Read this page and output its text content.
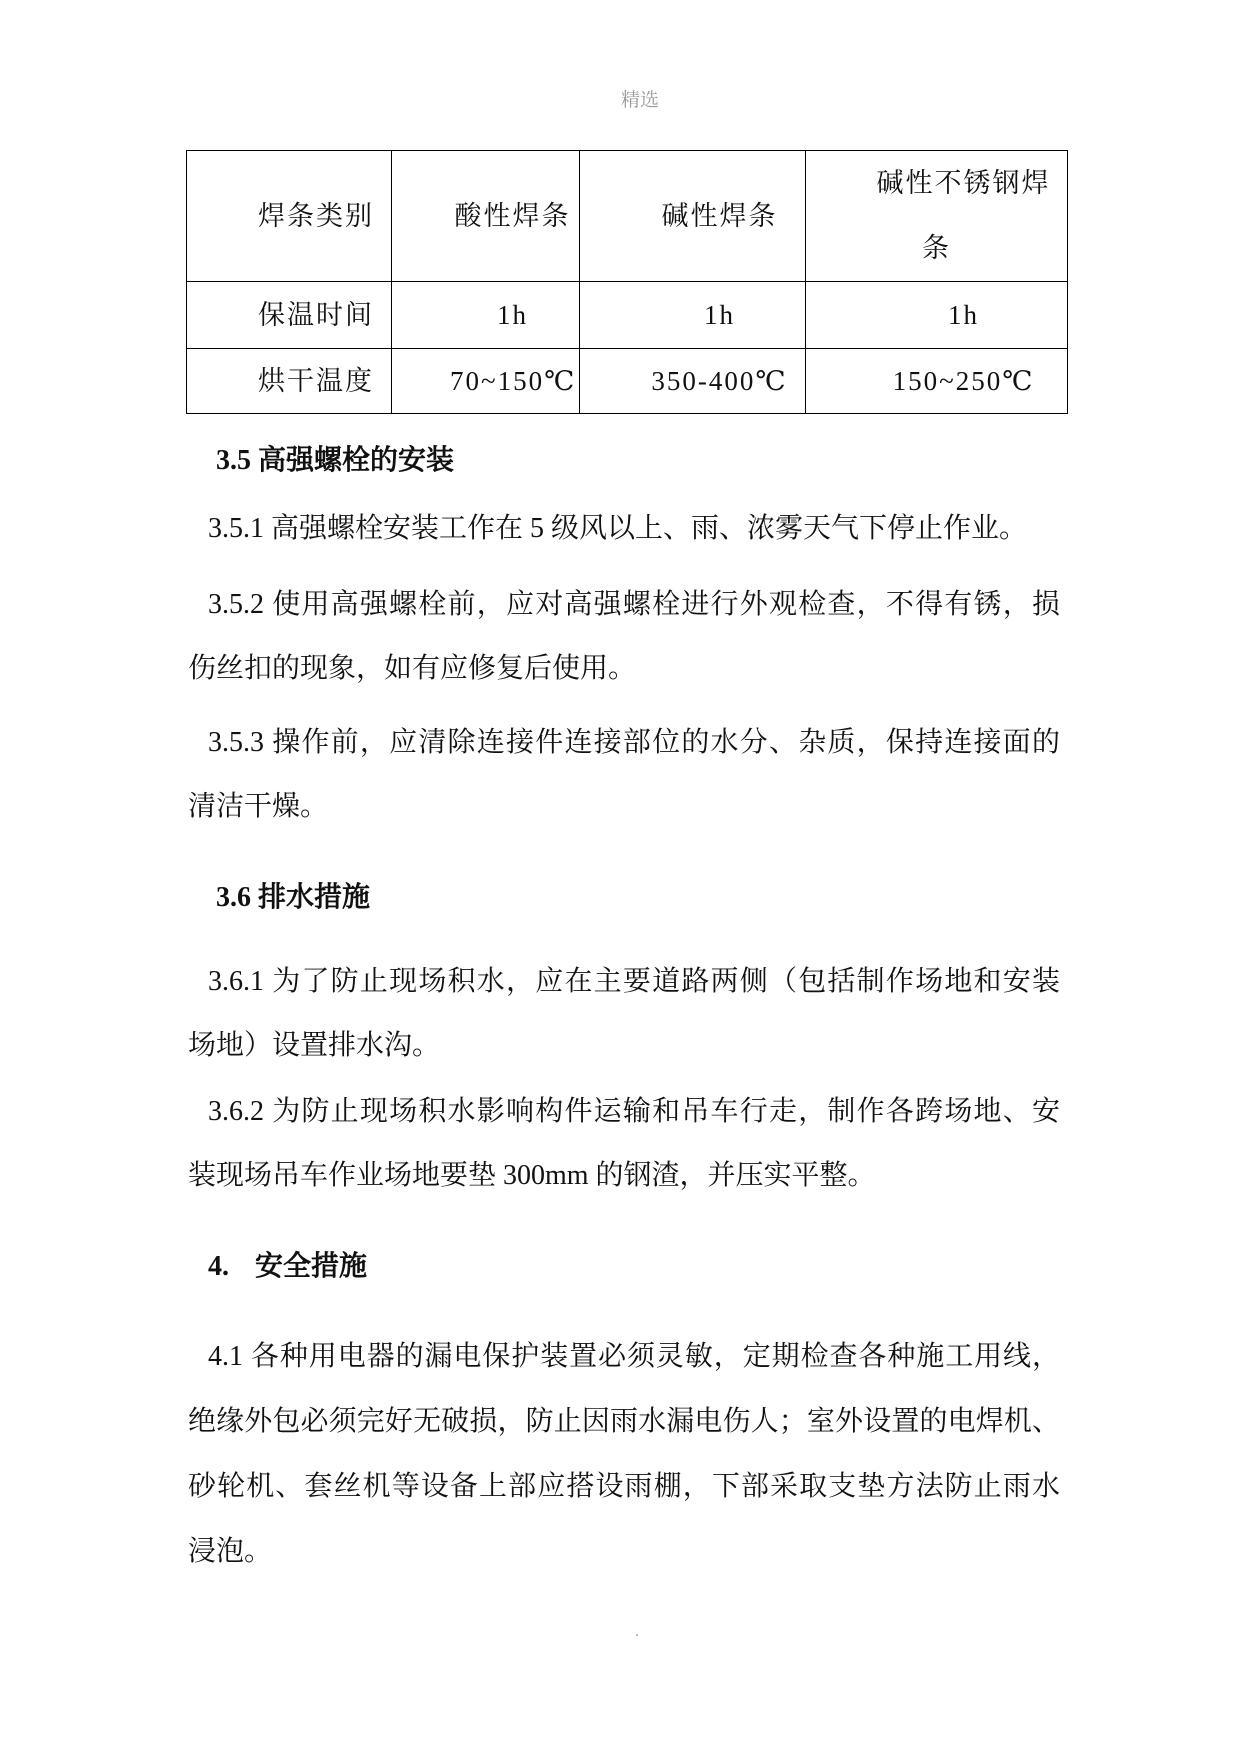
精选
焊条类别	酸性焊条	碱性焊条	碱性不锈钢焊条
保温时间	1h	1h	1h
烘干温度	70~150℃	350-400℃	150~250℃
3.5 高强螺栓的安装
3.5.1 高强螺栓安装工作在 5 级风以上、雨、浓雾天气下停止作业。
3.5.2 使用高强螺栓前，应对高强螺栓进行外观检查，不得有锈，损
伤丝扣的现象，如有应修复后使用。
3.5.3 操作前，应清除连接件连接部位的水分、杂质，保持连接面的
清洁干燥。
3.6 排水措施
3.6.1 为了防止现场积水，应在主要道路两侧（包括制作场地和安装
场地）设置排水沟。
3.6.2 为防止现场积水影响构件运输和吊车行走，制作各跨场地、安
装现场吊车作业场地要垫 300mm 的钢渣，并压实平整。
4. 安全措施
4.1 各种用电器的漏电保护装置必须灵敏，定期检查各种施工用线，
绝缘外包必须完好无破损，防止因雨水漏电伤人；室外设置的电焊机、
砂轮机、套丝机等设备上部应搭设雨棚，下部采取支垫方法防止雨水
浸泡。
.
